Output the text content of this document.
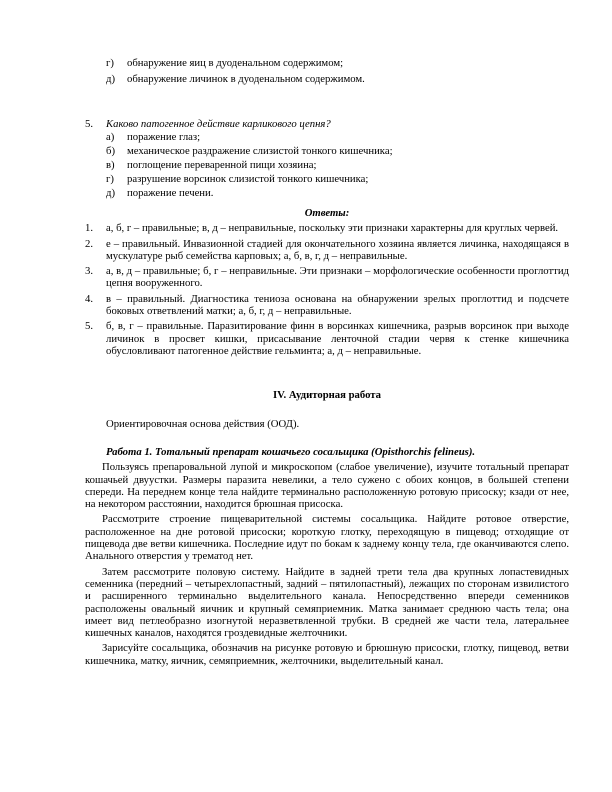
г) обнаружение яиц в дуоденальном содержимом;
д) обнаружение личинок в дуоденальном содержимом.
5. Каково патогенное действие карликового цепня?
а) поражение глаз;
б) механическое раздражение слизистой тонкого кишечника;
в) поглощение переваренной пищи хозяина;
г) разрушение ворсинок слизистой тонкого кишечника;
д) поражение печени.
Ответы:
1. а, б, г – правильные; в, д – неправильные, поскольку эти признаки характерны для круглых червей.
2. е – правильный. Инвазионной стадией для окончательного хозяина является личинка, находящаяся в мускулатуре рыб семейства карповых; а, б, в, г, д – неправильные.
3. а, в, д – правильные; б, г – неправильные. Эти признаки – морфологические особенности проглоттид цепня вооруженного.
4. в – правильный. Диагностика тениоза основана на обнаружении зрелых проглоттид и подсчете боковых ответвлений матки; а, б, г, д – неправильные.
5. б, в, г – правильные. Паразитирование финн в ворсинках кишечника, разрыв ворсинок при выходе личинок в просвет кишки, присасывание ленточной стадии червя к стенке кишечника обусловливают патогенное действие гельминта; а, д – неправильные.
IV. Аудиторная работа
Ориентировочная основа действия (ООД).
Работа 1. Тотальный препарат кошачьего сосальщика (Opisthorchis felineus).
Пользуясь препаровальной лупой и микроскопом (слабое увеличение), изучите тотальный препарат кошачьей двуустки. Размеры паразита невелики, а тело сужено с обоих концов, в большей степени спереди. На переднем конце тела найдите терминально расположенную ротовую присоску; кзади от нее, на некотором расстоянии, находится брюшная присоска.
Рассмотрите строение пищеварительной системы сосальщика. Найдите ротовое отверстие, расположенное на дне ротовой присоски; короткую глотку, переходящую в пищевод; отходящие от пищевода две ветви кишечника. Последние идут по бокам к заднему концу тела, где оканчиваются слепо. Анального отверстия у трематод нет.
Затем рассмотрите половую систему. Найдите в задней трети тела два крупных лопастевидных семенника (передний – четырехлопастный, задний – пятилопастный), лежащих по сторонам извилистого и расширенного терминально выделительного канала. Непосредственно впереди семенников расположены овальный яичник и крупный семяприемник. Матка занимает среднюю часть тела; она имеет вид петлеобразно изогнутой неразветвленной трубки. В средней же части тела, латеральнее кишечных каналов, находятся гроздевидные желточники.
Зарисуйте сосальщика, обозначив на рисунке ротовую и брюшную присоски, глотку, пищевод, ветви кишечника, матку, яичник, семяприемник, желточники, выделительный канал.
